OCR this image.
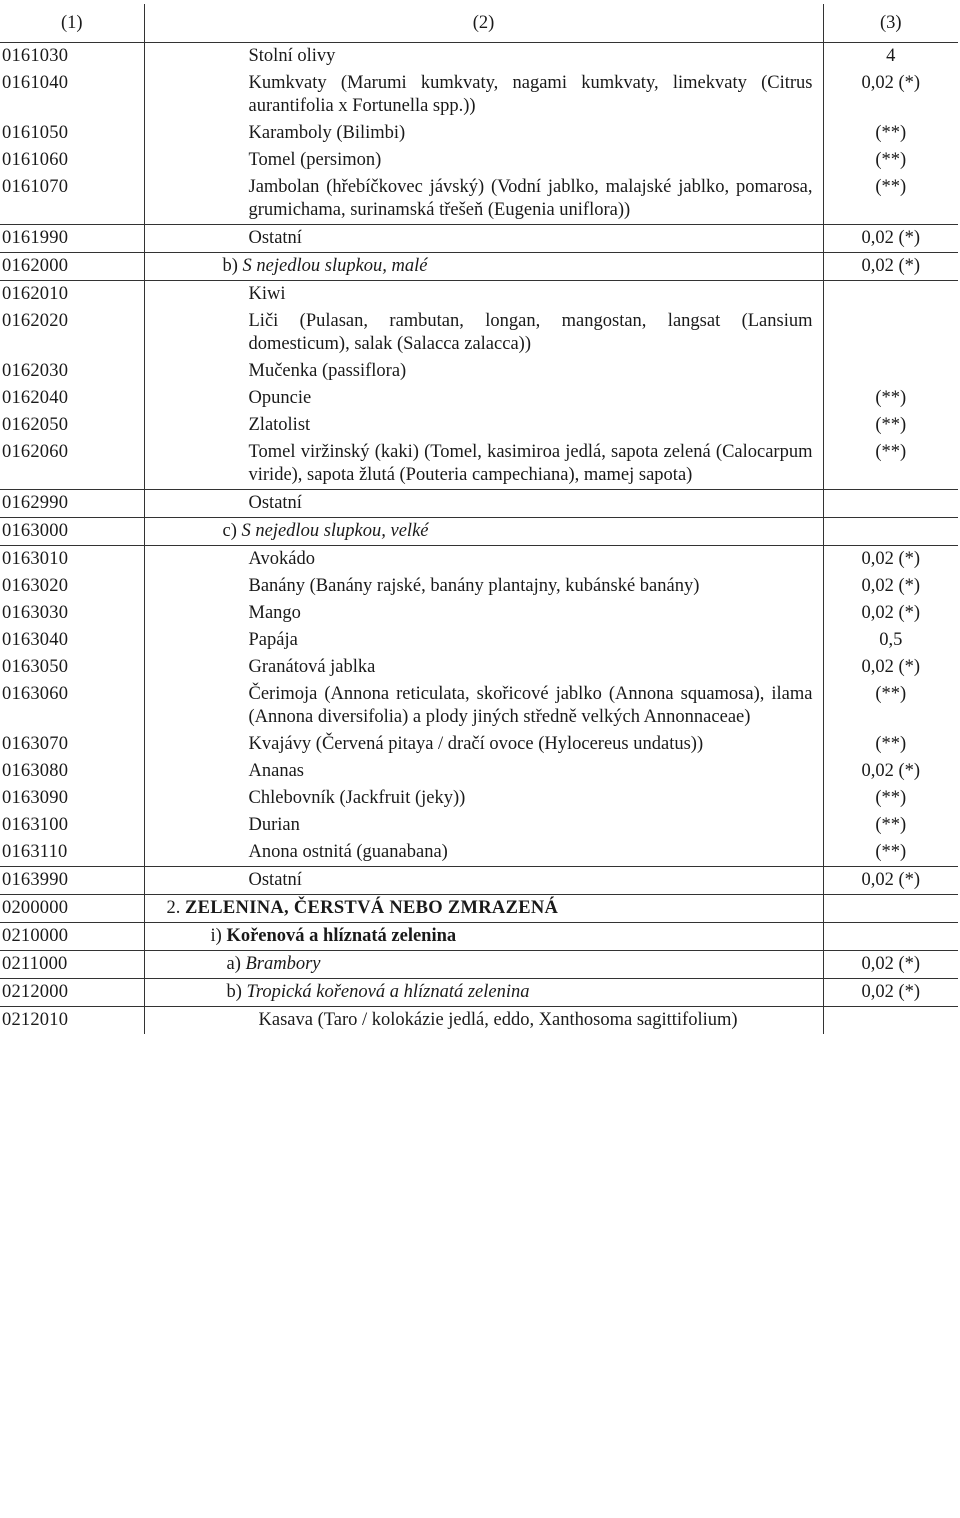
(1)	(2)	(3)
0161030	Stolní olivy	4
0161040	Kumkvaty (Marumi kumkvaty, nagami kumkvaty, limekvaty (Citrus aurantifolia x Fortunella spp.))	0,02 (*)
0161050	Karamboly (Bilimbi)	(**)
0161060	Tomel (persimon)	(**)
0161070	Jambolan (hřebíčkovec jávský) (Vodní jablko, malajské jablko, pomarosa, grumichama, surinamská třešeň (Eugenia uniflora))	(**)
0161990	Ostatní	0,02 (*)
0162000	b) S nejedlou slupkou, malé	0,02 (*)
0162010	Kiwi	
0162020	Liči (Pulasan, rambutan, longan, mangostan, langsat (Lansium domesticum), salak (Salacca zalacca))	
0162030	Mučenka (passiflora)	
0162040	Opuncie	(**)
0162050	Zlatolist	(**)
0162060	Tomel viržinský (kaki) (Tomel, kasimiroa jedlá, sapota zelená (Calocarpum viride), sapota žlutá (Pouteria campechiana), mamej sapota)	(**)
0162990	Ostatní	
0163000	c) S nejedlou slupkou, velké	
0163010	Avokádo	0,02 (*)
0163020	Banány (Banány rajské, banány plantajny, kubánské banány)	0,02 (*)
0163030	Mango	0,02 (*)
0163040	Papája	0,5
0163050	Granátová jablka	0,02 (*)
0163060	Čerimoja (Annona reticulata, skořicové jablko (Annona squamosa), ilama (Annona diversifolia) a plody jiných středně velkých Annonnaceae)	(**)
0163070	Kvajávy (Červená pitaya / dračí ovoce (Hylocereus undatus))	(**)
0163080	Ananas	0,02 (*)
0163090	Chlebovník (Jackfruit (jeky))	(**)
0163100	Durian	(**)
0163110	Anona ostnitá (guanabana)	(**)
0163990	Ostatní	0,02 (*)
0200000	2. ZELENINA, ČERSTVÁ NEBO ZMRAZENÁ	
0210000	i) Kořenová a hlíznatá zelenina	
0211000	a) Brambory	0,02 (*)
0212000	b) Tropická kořenová a hlíznatá zelenina	0,02 (*)
0212010	Kasava (Taro / kolokázie jedlá, eddo, Xanthosoma sagittifolium)	
